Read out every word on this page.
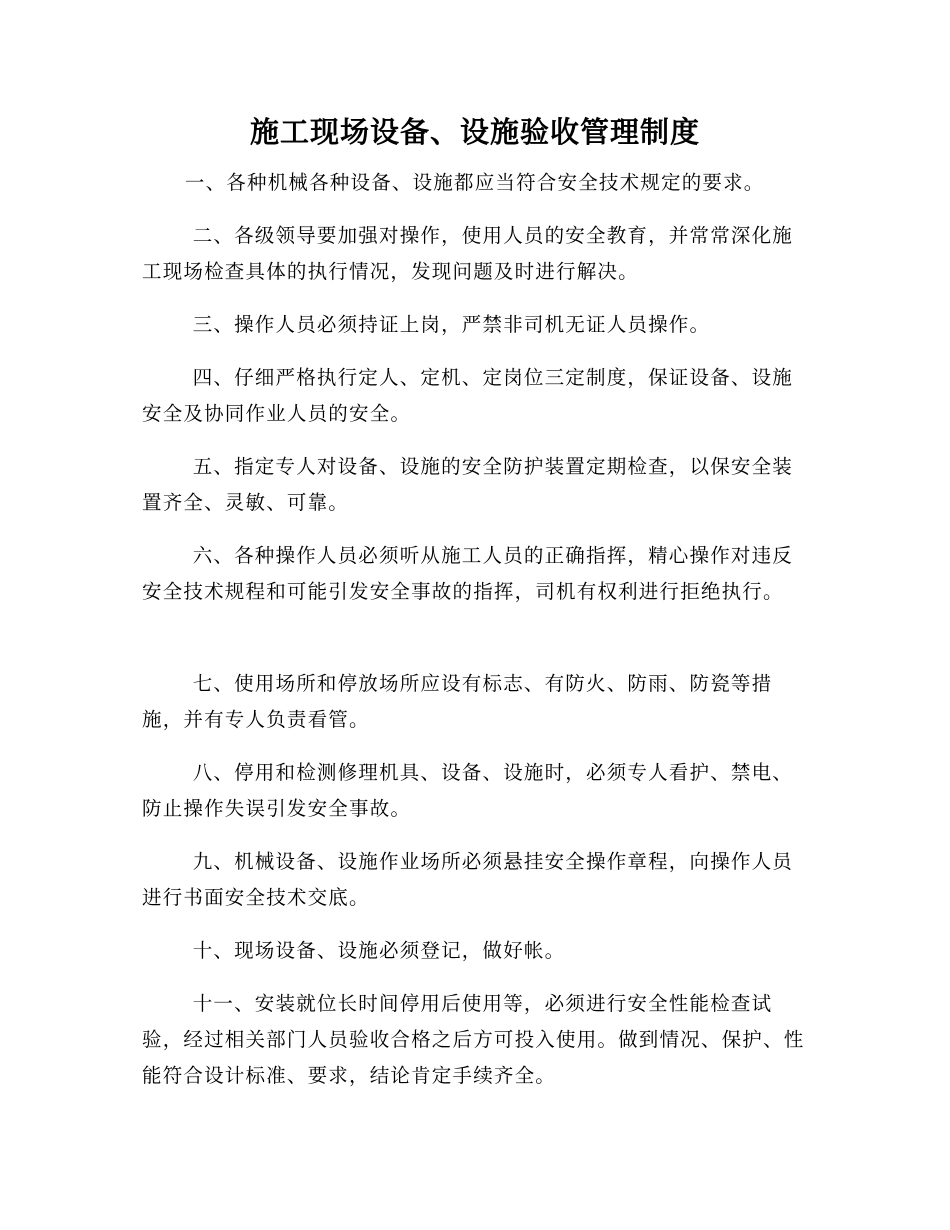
施工现场设备、设施验收管理制度

一、各种机械各种设备、设施都应当符合安全技术规定的要求。

二、各级领导要加强对操作，使用人员的安全教育，并常常深化施工现场检查具体的执行情况，发现问题及时进行解决。

三、操作人员必须持证上岗，严禁非司机无证人员操作。

四、仔细严格执行定人、定机、定岗位三定制度，保证设备、设施安全及协同作业人员的安全。

五、指定专人对设备、设施的安全防护装置定期检查，以保安全装置齐全、灵敏、可靠。

六、各种操作人员必须听从施工人员的正确指挥，精心操作对违反安全技术规程和可能引发安全事故的指挥，司机有权利进行拒绝执行。

七、使用场所和停放场所应设有标志、有防火、防雨、防瓷等措施，并有专人负责看管。

八、停用和检测修理机具、设备、设施时，必须专人看护、禁电、防止操作失误引发安全事故。

九、机械设备、设施作业场所必须悬挂安全操作章程，向操作人员进行书面安全技术交底。

十、现场设备、设施必须登记，做好帐。

十一、安装就位长时间停用后使用等，必须进行安全性能检查试验，经过相关部门人员验收合格之后方可投入使用。做到情况、保护、性能符合设计标准、要求，结论肯定手续齐全。
